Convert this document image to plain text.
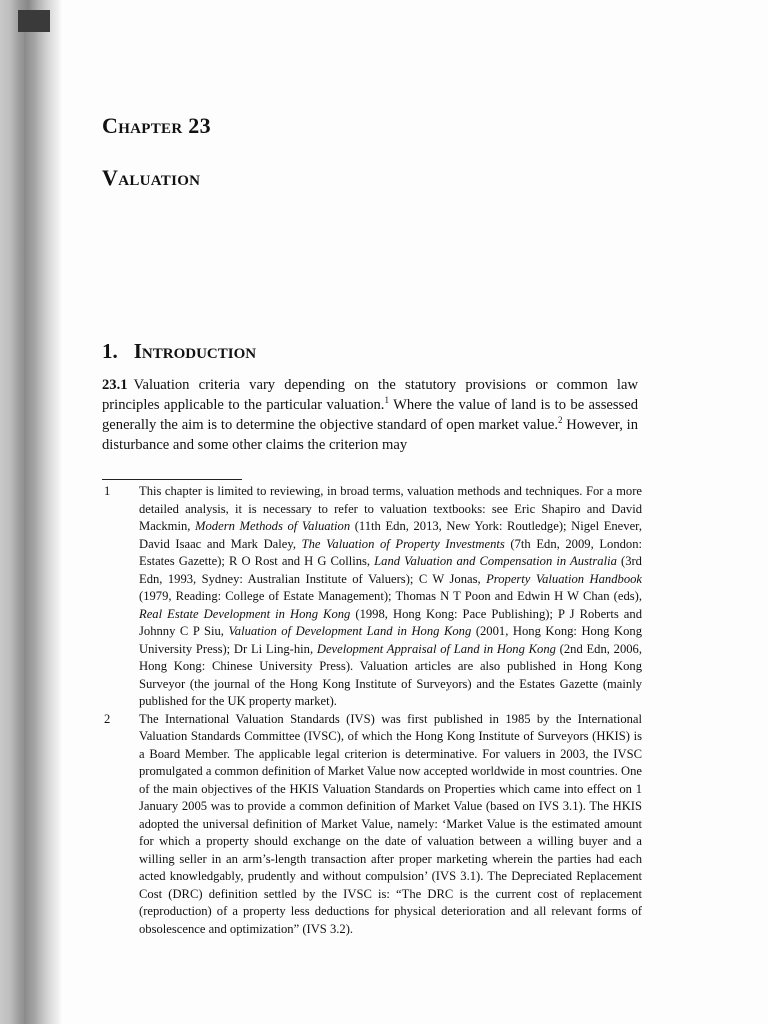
Chapter 23
Valuation
1. Introduction

23.1 Valuation criteria vary depending on the statutory provisions or common law principles applicable to the particular valuation.$^1$ Where the value of land is to be assessed generally the aim is to determine the objective standard of open market value.$^2$ However, in disturbance and some other claims the criterion may

1	This chapter is limited to reviewing, in broad terms, valuation methods and techniques. For a more detailed analysis, it is necessary to refer to valuation textbooks: see Eric Shapiro and David Mackmin, Modern Methods of Valuation (11th Edn, 2013, New York: Routledge); Nigel Enever, David Isaac and Mark Daley, The Valuation of Property Investments (7th Edn, 2009, London: Estates Gazette); R O Rost and H G Collins, Land Valuation and Compensation in Australia (3rd Edn, 1993, Sydney: Australian Institute of Valuers); C W Jonas, Property Valuation Handbook (1979, Reading: College of Estate Management); Thomas N T Poon and Edwin H W Chan (eds), Real Estate Development in Hong Kong (1998, Hong Kong: Pace Publishing); P J Roberts and Johnny C P Siu, Valuation of Development Land in Hong Kong (2001, Hong Kong: Hong Kong University Press); Dr Li Ling-hin, Development Appraisal of Land in Hong Kong (2nd Edn, 2006, Hong Kong: Chinese University Press). Valuation articles are also published in Hong Kong Surveyor (the journal of the Hong Kong Institute of Surveyors) and the Estates Gazette (mainly published for the UK property market).
2	The International Valuation Standards (IVS) was first published in 1985 by the International Valuation Standards Committee (IVSC), of which the Hong Kong Institute of Surveyors (HKIS) is a Board Member. The applicable legal criterion is determinative. For valuers in 2003, the IVSC promulgated a common definition of Market Value now accepted worldwide in most countries. One of the main objectives of the HKIS Valuation Standards on Properties which came into effect on 1 January 2005 was to provide a common definition of Market Value (based on IVS 3.1). The HKIS adopted the universal definition of Market Value, namely: ‘Market Value is the estimated amount for which a property should exchange on the date of valuation between a willing buyer and a willing seller in an arm’s-length transaction after proper marketing wherein the parties had each acted knowledgably, prudently and without compulsion’ (IVS 3.1). The Depreciated Replacement Cost (DRC) definition settled by the IVSC is: “The DRC is the current cost of replacement (reproduction) of a property less deductions for physical deterioration and all relevant forms of obsolescence and optimization” (IVS 3.2).
